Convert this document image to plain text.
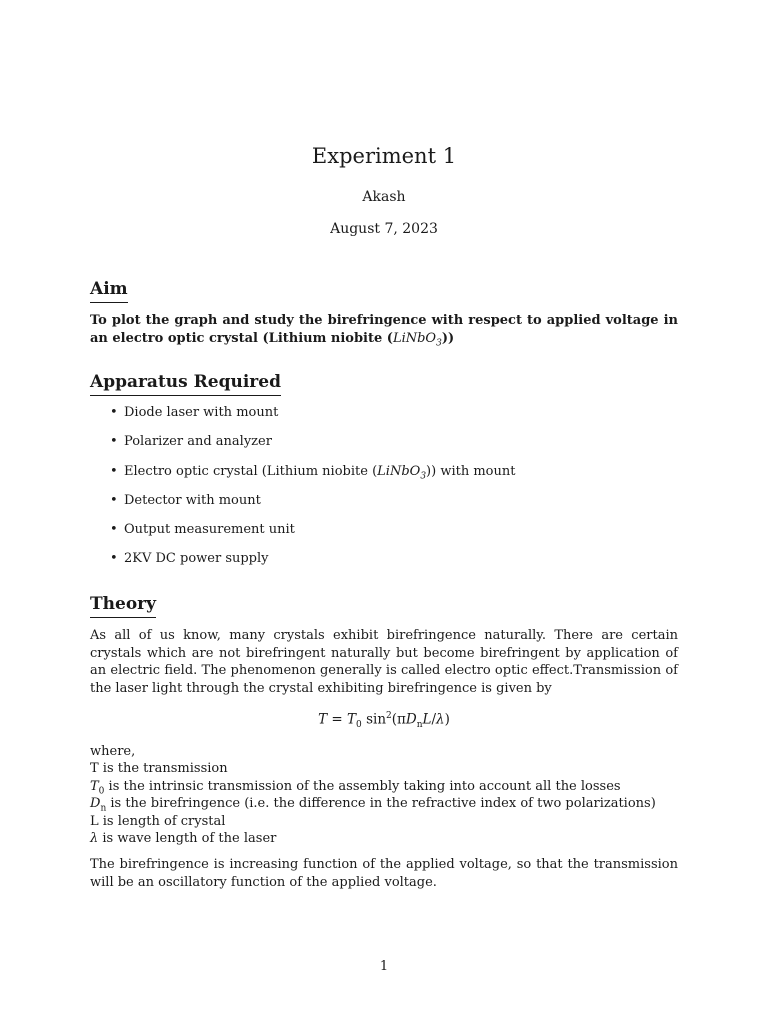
Experiment 1
Akash
August 7, 2023
Aim
To plot the graph and study the birefringence with respect to applied voltage in an electro optic crystal (Lithium niobite (LiNbO$_3$))
Apparatus Required
• Diode laser with mount
• Polarizer and analyzer
• Electro optic crystal (Lithium niobite (LiNbO$_3$)) with mount
• Detector with mount
• Output measurement unit
• 2KV DC power supply
Theory

As all of us know, many crystals exhibit birefringence naturally. There are certain crystals which are not birefringent naturally but become birefringent by application of an electric field. The phenomenon generally is called electro optic effect.Transmission of the laser light through the crystal exhibiting birefringence is given by

$T = T_0$ $\sin^2(\pi D_nL/\lambda)$
where,
T is the transmission
$T_0$ is the intrinsic transmission of the assembly taking into account all the losses
$D_n$ is the birefringence (i.e. the difference in the refractive index of two polarizations)
L is length of crystal
λ is wave length of the laser

The birefringence is increasing function of the applied voltage, so that the transmission will be an oscillatory function of the applied voltage.

1
